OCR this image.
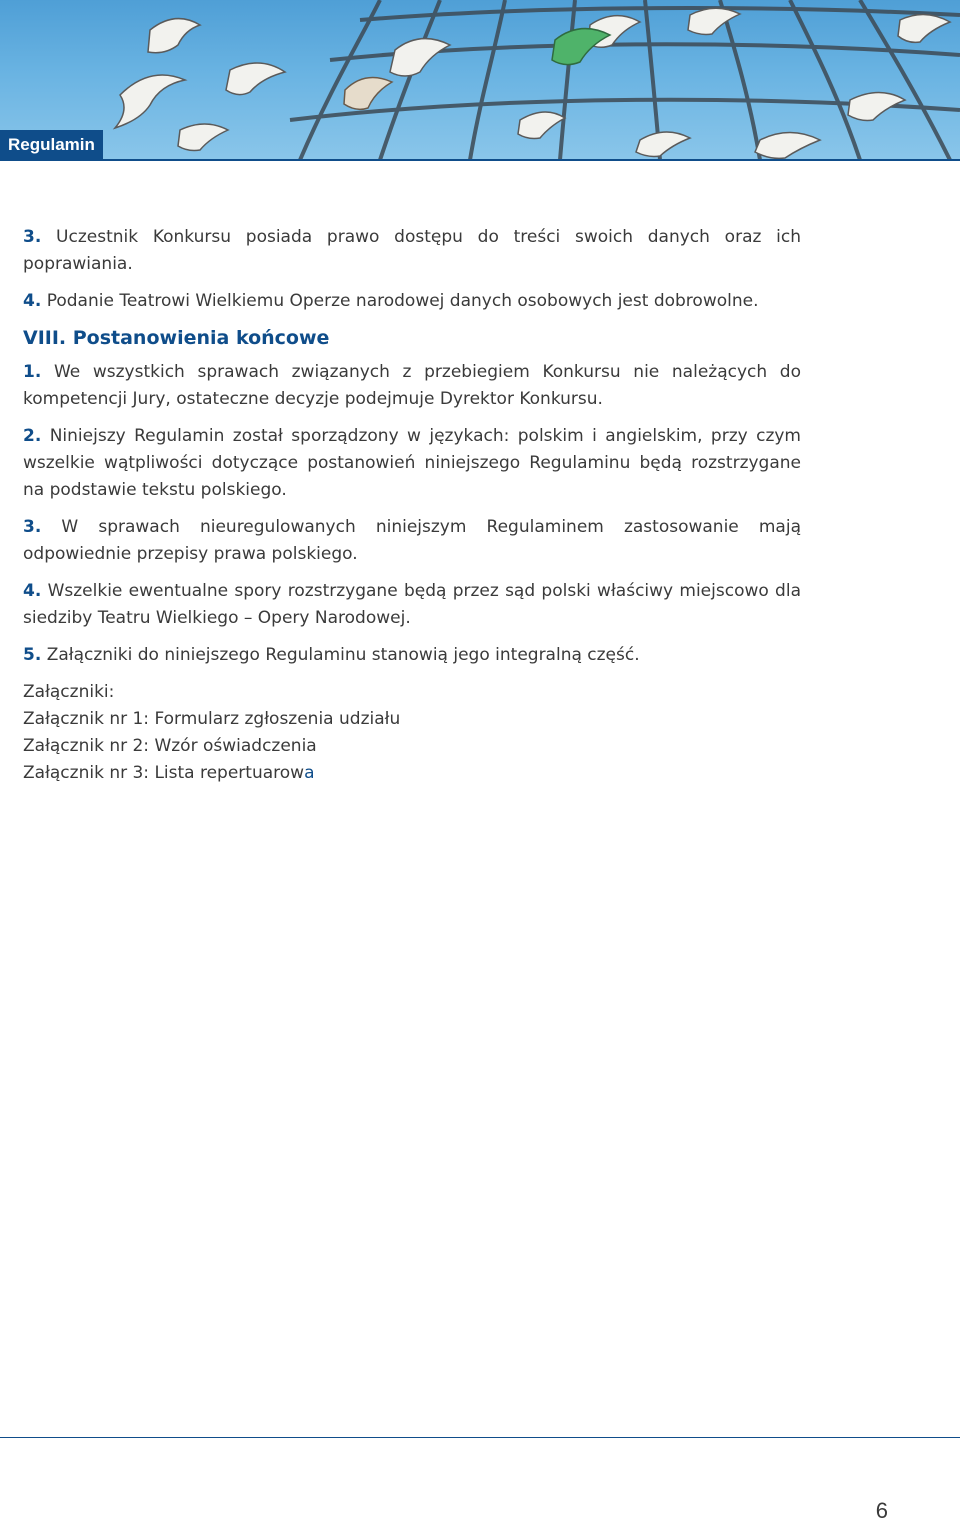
Regulamin

3. Uczestnik Konkursu posiada prawo dostępu do treści swoich danych oraz ich poprawiania.

4. Podanie Teatrowi Wielkiemu Operze narodowej danych osobowych jest dobrowolne.

VIII. Postanowienia końcowe

1. We wszystkich sprawach związanych z przebiegiem Konkursu nie należących do kompetencji Jury, ostateczne decyzje podejmuje Dyrektor Konkursu.

2. Niniejszy Regulamin został sporządzony w językach: polskim i angielskim, przy czym wszelkie wątpliwości dotyczące postanowień niniejszego Regulaminu będą rozstrzygane na podstawie tekstu polskiego.

3. W sprawach nieuregulowanych niniejszym Regulaminem zastosowanie mają odpowiednie przepisy prawa polskiego.

4. Wszelkie ewentualne spory rozstrzygane będą przez sąd polski właściwy miejscowo dla siedziby Teatru Wielkiego – Opery Narodowej.

5. Załączniki do niniejszego Regulaminu stanowią jego integralną część.

Załączniki:

Załącznik nr 1: Formularz zgłoszenia udziału

Załącznik nr 2: Wzór oświadczenia

Załącznik nr 3: Lista repertuarowa

6
